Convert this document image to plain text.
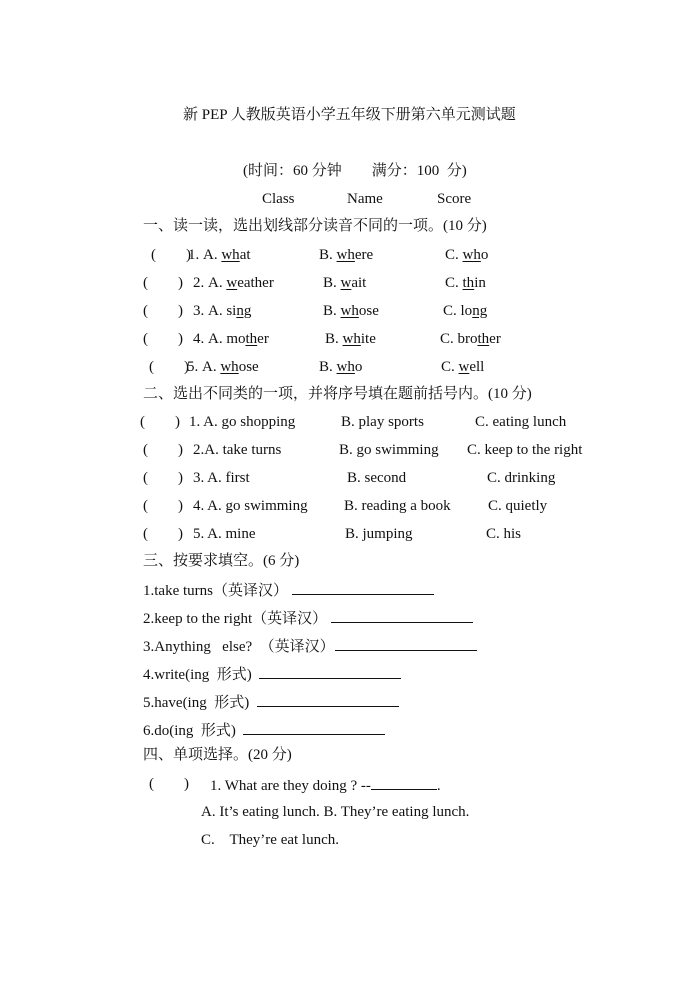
新 PEP 人教版英语小学五年级下册第六单元测试题
(时间：60 分钟        满分：100  分)
Class	Name	Score
一、读一读，选出划线部分读音不同的一项。(10 分)
(        )
1. A. what	B. where	C. who
(        ) 2. A. weather	B. wait	C. thin
(        ) 3. A. sing	B. whose	C. long
(        ) 4. A. mother	B. white	C. brother
(        )
5. A. whose	B. who	C. well
二、选出不同类的一项，并将序号填在题前括号内。(10 分)
(        ) 1. A. go shopping	B. play sports	C. eating lunch
(        ) 2.A. take turns	B. go swimming C. keep to the right
(        ) 3. A. first	B. second	C. drinking
(        ) 4. A. go swimming B. reading a book C. quietly
(        ) 5. A. mine	B. jumping	C. his
三、按要求填空。(6 分)
1.take turns（英译汉）
2.keep to the right（英译汉）
3.Anything   else?  （英译汉）
4.write(ing  形式)
5.have(ing  形式)
6.do(ing  形式)
四、单项选择。(20 分)
(        ) 1. What are they doing ? --	.
A. It’s eating lunch. B. They’re eating lunch.
C.    They’re eat lunch.
